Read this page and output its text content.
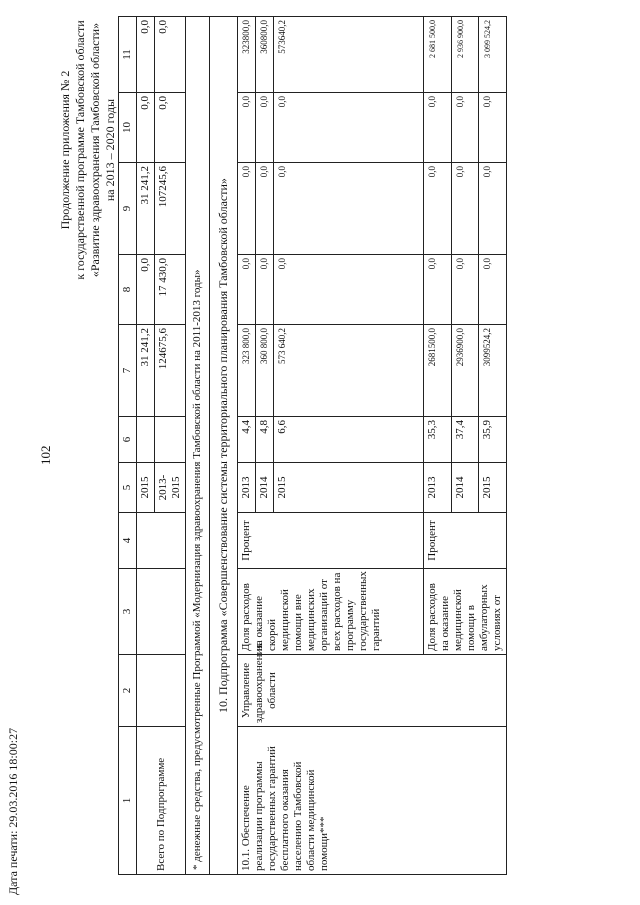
Дата печати: 29.03.2016 18:00:27
102
Продолжение приложения № 2 к государственной программе Тамбовской области «Развитие здравоохранения Тамбовской области» на 2013 – 2020 годы
1	2	3	4	5	6	7	8	9	10	11
Всего по Подпрограмме				2015		31 241,2	0,0	31 241,2	0,0	0,0
				2013-2015		124675,6	17 430,0	107245,6	0,0	0,0
* денежные средства, предусмотренные Программой «Модернизация здравоохранения Тамбовской области на 2011-2013 годы»										
10. Подпрограмма «Совершенствование системы территориального планирования Тамбовской области»										
10.1. Обеспечение реализации программы государственных гарантий бесплатного оказания населению Тамбовской области медицинской помощи***	Управление здравоохранения области	Доля расходов на оказание скорой медицинской помощи вне медицинских организаций от всех расходов на программу государственных гарантий	Процент	2013	4,4	323 800,0	0,0	0,0	0,0	323800,0
				2014	4,8	360 800,0	0,0	0,0	0,0	360800,0
				2015	6,6	573 640,2	0,0	0,0	0,0	573640,2
		Доля расходов на оказание медицинской помощи в амбулаторных условиях от	Процент	2013	35,3	2681500,0	0,0	0,0	0,0	2 681 500,0
				2014	37,4	2936900,0	0,0	0,0	0,0	2 936 900,0
				2015	35,9	3099524,2	0,0	0,0	0,0	3 099 524,2
